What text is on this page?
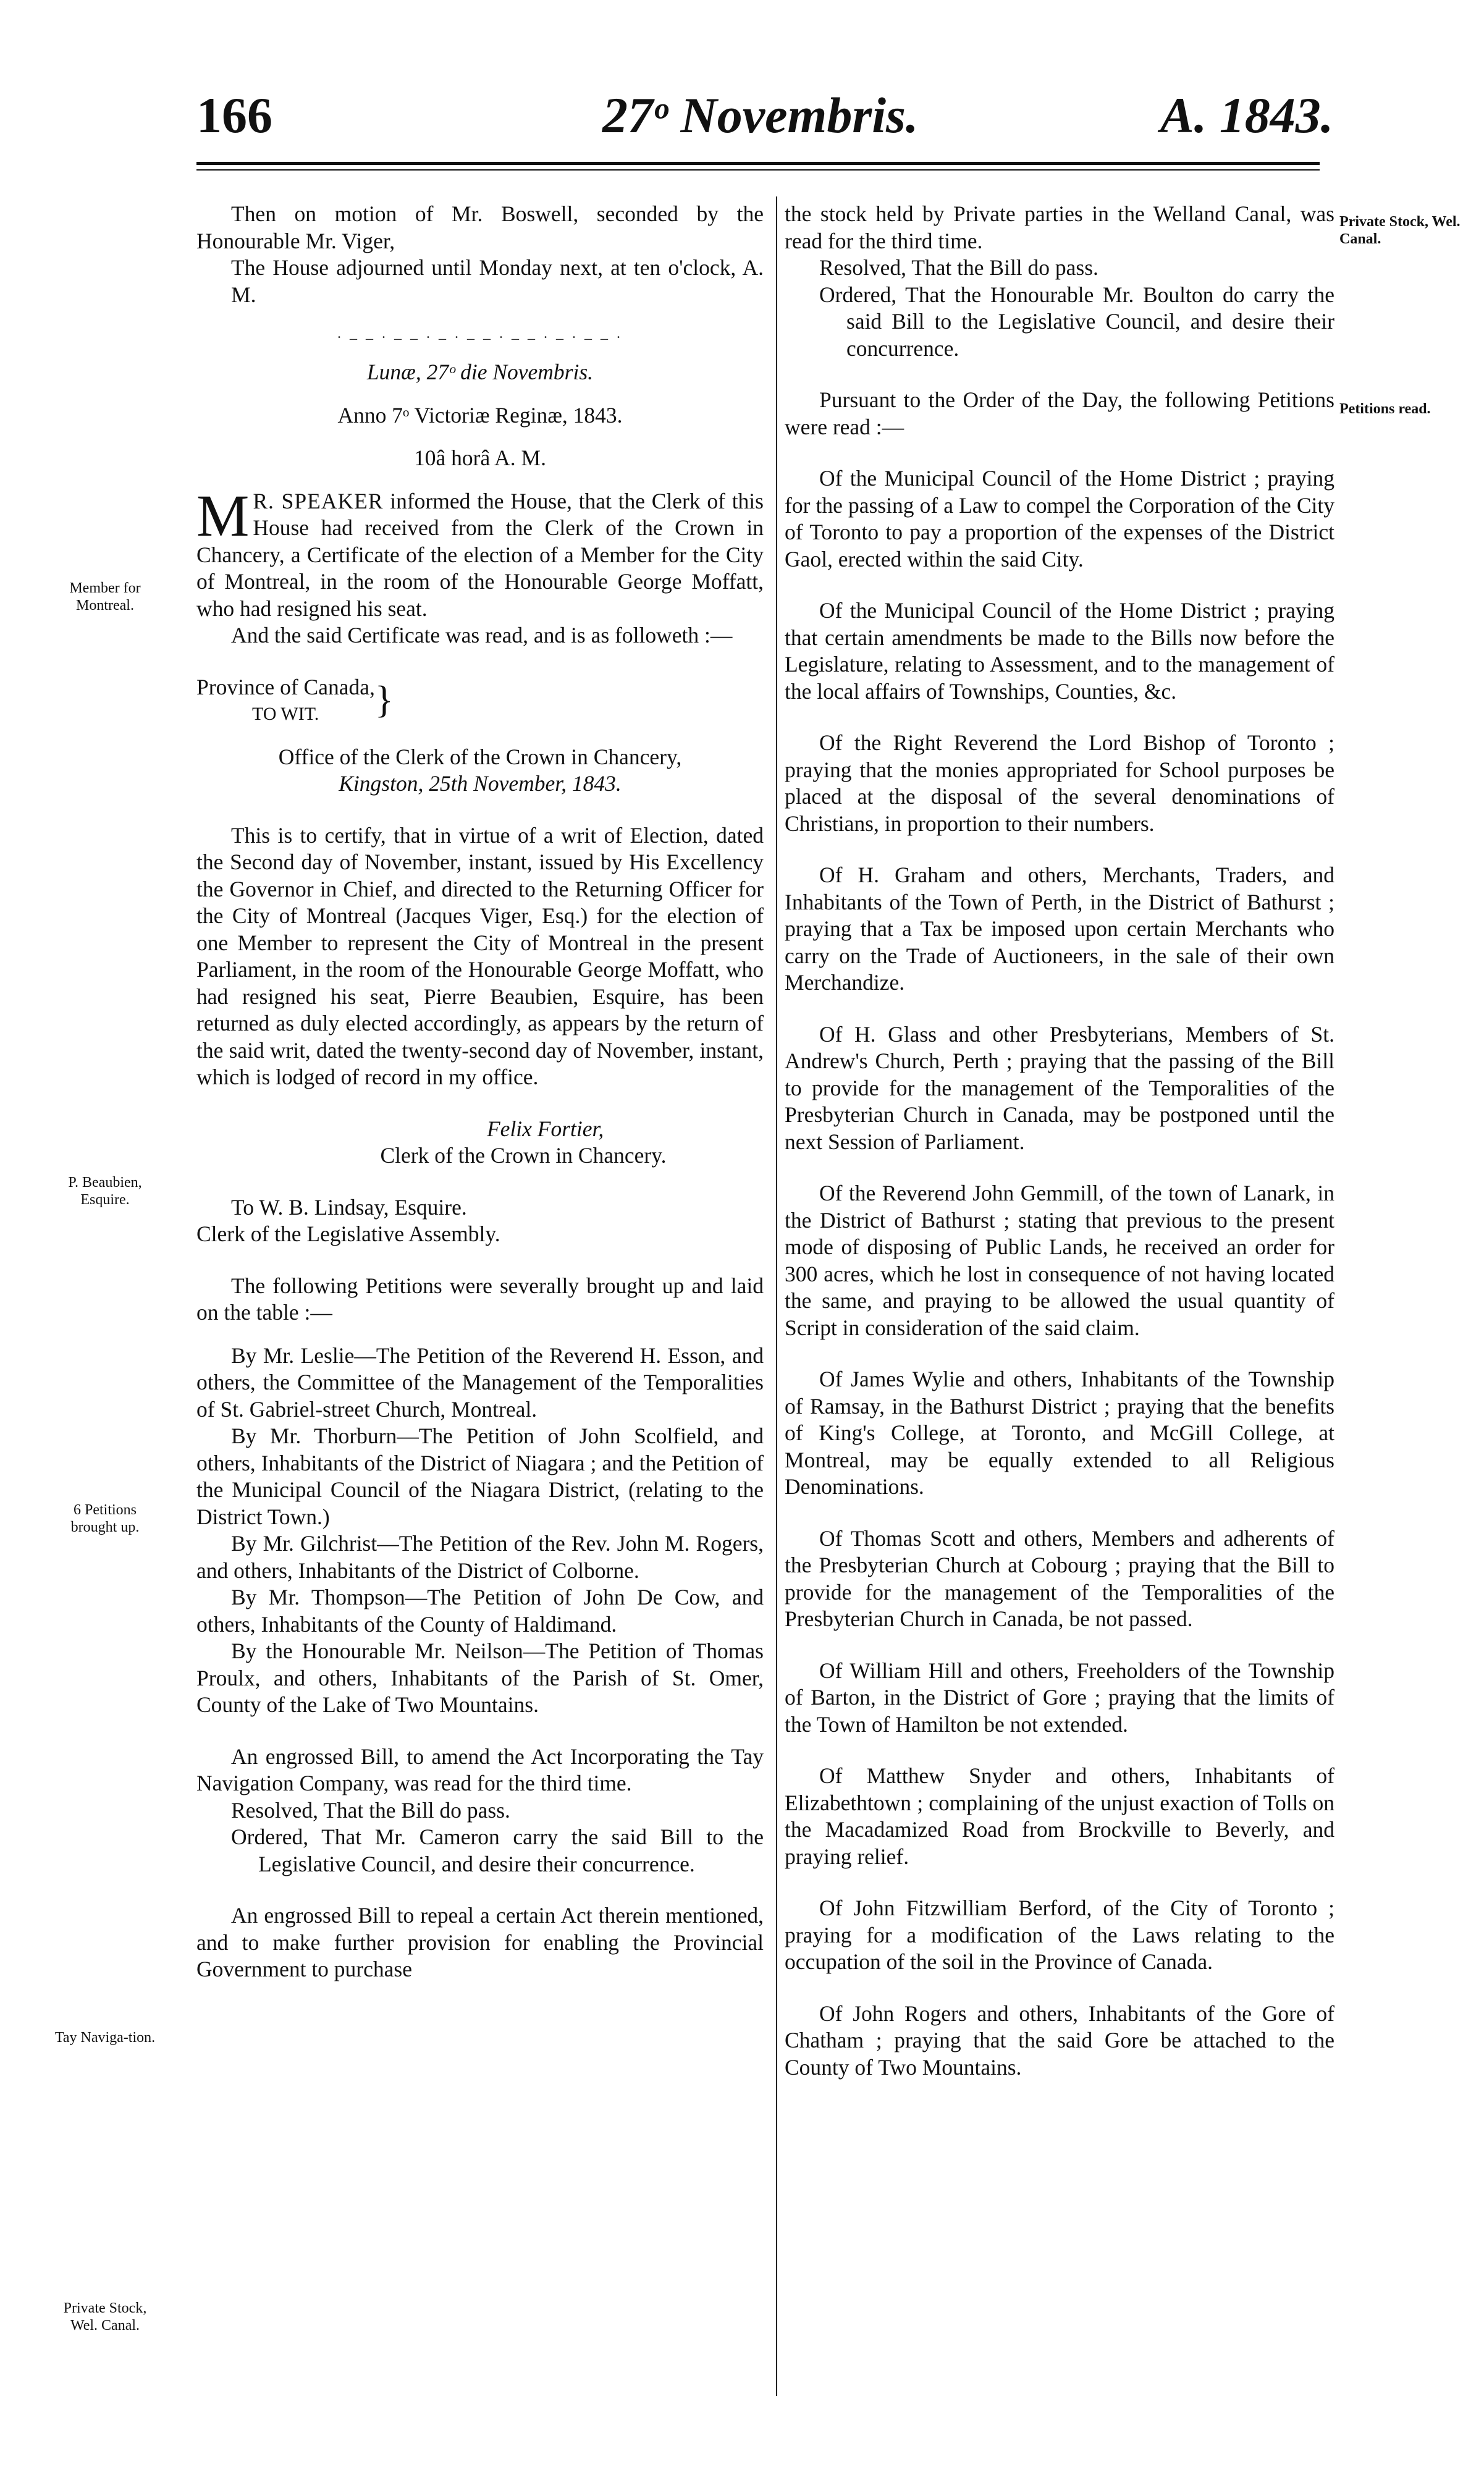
166	27ᵒ Novembris.	A. 1843.
Member for Montreal.
P. Beaubien, Esquire.
6 Petitions brought up.
Tay Naviga-tion.
Private Stock, Wel. Canal.
Private Stock, Wel. Canal.
Petitions read.

Then on motion of Mr. Boswell, seconded by the Honourable Mr. Viger,

The House adjourned until Monday next, at ten o'clock, A. M.

. _ _ . _ _ . _ . _ _ . _ _ . _ . _ _ .

Lunæ, 27ᵒ die Novembris.

Anno 7ᵒ Victoriæ Reginæ, 1843.

10â horâ A. M.

M R. SPEAKER informed the House, that the Clerk of this House had received from the Clerk of the Crown in Chancery, a Certificate of the election of a Member for the City of Montreal, in the room of the Honourable George Moffatt, who had resigned his seat.

And the said Certificate was read, and is as followeth :—

Province of Canada,

TO WIT.	}

Office of the Clerk of the Crown in Chancery,

Kingston, 25th November, 1843.

This is to certify, that in virtue of a writ of Election, dated the Second day of November, instant, issued by His Excellency the Governor in Chief, and directed to the Returning Officer for the City of Montreal (Jacques Viger, Esq.) for the election of one Member to represent the City of Montreal in the present Parliament, in the room of the Honourable George Moffatt, who had resigned his seat, Pierre Beaubien, Esquire, has been returned as duly elected accordingly, as appears by the return of the said writ, dated the twenty-second day of November, instant, which is lodged of record in my office.

Felix Fortier,

Clerk of the Crown in Chancery.

To W. B. Lindsay, Esquire.

Clerk of the Legislative Assembly.

The following Petitions were severally brought up and laid on the table :—

By Mr. Leslie—The Petition of the Reverend H. Esson, and others, the Committee of the Management of the Temporalities of St. Gabriel-street Church, Montreal.

By Mr. Thorburn—The Petition of John Scolfield, and others, Inhabitants of the District of Niagara ; and the Petition of the Municipal Council of the Niagara District, (relating to the District Town.)

By Mr. Gilchrist—The Petition of the Rev. John M. Rogers, and others, Inhabitants of the District of Colborne.

By Mr. Thompson—The Petition of John De Cow, and others, Inhabitants of the County of Haldimand.

By the Honourable Mr. Neilson—The Petition of Thomas Proulx, and others, Inhabitants of the Parish of St. Omer, County of the Lake of Two Mountains.

An engrossed Bill, to amend the Act Incorporating the Tay Navigation Company, was read for the third time.

Resolved, That the Bill do pass.

Ordered, That Mr. Cameron carry the said Bill to the Legislative Council, and desire their concurrence.

An engrossed Bill to repeal a certain Act therein mentioned, and to make further provision for enabling the Provincial Government to purchase

the stock held by Private parties in the Welland Canal, was read for the third time.

Resolved, That the Bill do pass.

Ordered, That the Honourable Mr. Boulton do carry the said Bill to the Legislative Council, and desire their concurrence.

Pursuant to the Order of the Day, the following Petitions were read :—

Of the Municipal Council of the Home District ; praying for the passing of a Law to compel the Corporation of the City of Toronto to pay a proportion of the expenses of the District Gaol, erected within the said City.

Of the Municipal Council of the Home District ; praying that certain amendments be made to the Bills now before the Legislature, relating to Assessment, and to the management of the local affairs of Townships, Counties, &c.

Of the Right Reverend the Lord Bishop of Toronto ; praying that the monies appropriated for School purposes be placed at the disposal of the several denominations of Christians, in proportion to their numbers.

Of H. Graham and others, Merchants, Traders, and Inhabitants of the Town of Perth, in the District of Bathurst ; praying that a Tax be imposed upon certain Merchants who carry on the Trade of Auctioneers, in the sale of their own Merchandize.

Of H. Glass and other Presbyterians, Members of St. Andrew's Church, Perth ; praying that the passing of the Bill to provide for the management of the Temporalities of the Presbyterian Church in Canada, may be postponed until the next Session of Parliament.

Of the Reverend John Gemmill, of the town of Lanark, in the District of Bathurst ; stating that previous to the present mode of disposing of Public Lands, he received an order for 300 acres, which he lost in consequence of not having located the same, and praying to be allowed the usual quantity of Script in consideration of the said claim.

Of James Wylie and others, Inhabitants of the Township of Ramsay, in the Bathurst District ; praying that the benefits of King's College, at Toronto, and McGill College, at Montreal, may be equally extended to all Religious Denominations.

Of Thomas Scott and others, Members and adherents of the Presbyterian Church at Cobourg ; praying that the Bill to provide for the management of the Temporalities of the Presbyterian Church in Canada, be not passed.

Of William Hill and others, Freeholders of the Township of Barton, in the District of Gore ; praying that the limits of the Town of Hamilton be not extended.

Of Matthew Snyder and others, Inhabitants of Elizabethtown ; complaining of the unjust exaction of Tolls on the Macadamized Road from Brockville to Beverly, and praying relief.

Of John Fitzwilliam Berford, of the City of Toronto ; praying for a modification of the Laws relating to the occupation of the soil in the Province of Canada.

Of John Rogers and others, Inhabitants of the Gore of Chatham ; praying that the said Gore be attached to the County of Two Mountains.
